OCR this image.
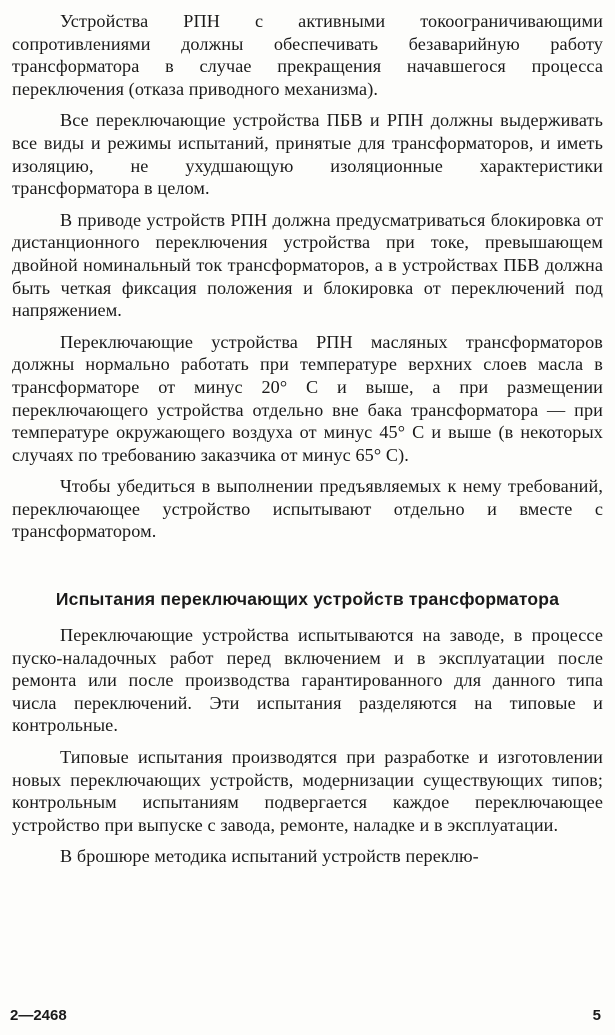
Устройства РПН с активными токоограничивающими сопротивлениями должны обеспечивать безаварийную работу трансформатора в случае прекращения начавшегося процесса переключения (отказа приводного механизма).

Все переключающие устройства ПБВ и РПН должны выдерживать все виды и режимы испытаний, принятые для трансформаторов, и иметь изоляцию, не ухудшающую изоляционные характеристики трансформатора в целом.

В приводе устройств РПН должна предусматриваться блокировка от дистанционного переключения устройства при токе, превышающем двойной номинальный ток трансформаторов, а в устройствах ПБВ должна быть четкая фиксация положения и блокировка от переключений под напряжением.

Переключающие устройства РПН масляных трансформаторов должны нормально работать при температуре верхних слоев масла в трансформаторе от минус 20° С и выше, а при размещении переключающего устройства отдельно вне бака трансформатора — при температуре окружающего воздуха от минус 45° С и выше (в некоторых случаях по требованию заказчика от минус 65° С).

Чтобы убедиться в выполнении предъявляемых к нему требований, переключающее устройство испытывают отдельно и вместе с трансформатором.

Испытания переключающих устройств трансформатора

Переключающие устройства испытываются на заводе, в процессе пуско-наладочных работ перед включением и в эксплуатации после ремонта или после производства гарантированного для данного типа числа переключений. Эти испытания разделяются на типовые и контрольные.

Типовые испытания производятся при разработке и изготовлении новых переключающих устройств, модернизации существующих типов; контрольным испытаниям подвергается каждое переключающее устройство при выпуске с завода, ремонте, наладке и в эксплуатации.

В брошюре методика испытаний устройств переклю-

2—2468	5
